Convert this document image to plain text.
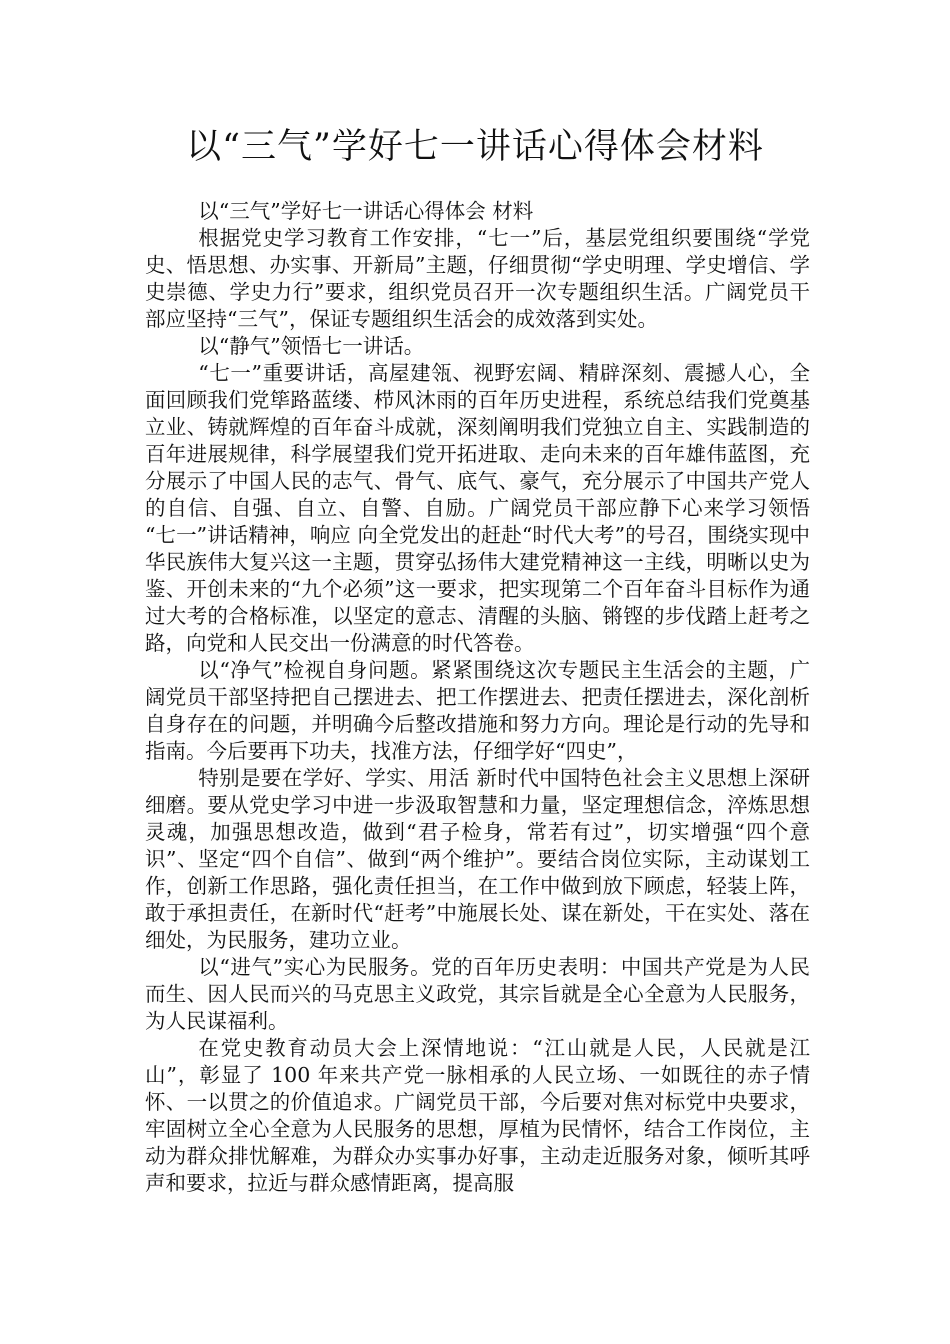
以“三气”学好七一讲话心得体会材料

以“三气”学好七一讲话心得体会 材料

根据党史学习教育工作安排，“七一”后，基层党组织要围绕“学党史、悟思想、办实事、开新局”主题，仔细贯彻“学史明理、学史增信、学史崇德、学史力行”要求，组织党员召开一次专题组织生活。广阔党员干部应坚持“三气”，保证专题组织生活会的成效落到实处。

以“静气”领悟七一讲话。

“七一”重要讲话，高屋建瓴、视野宏阔、精辟深刻、震撼人心，全面回顾我们党筚路蓝缕、栉风沐雨的百年历史进程，系统总结我们党奠基立业、铸就辉煌的百年奋斗成就，深刻阐明我们党独立自主、实践制造的百年进展规律，科学展望我们党开拓进取、走向未来的百年雄伟蓝图，充分展示了中国人民的志气、骨气、底气、豪气，充分展示了中国共产党人的自信、自强、自立、自警、自励。广阔党员干部应静下心来学习领悟 “七一”讲话精神，响应 向全党发出的赶赴“时代大考”的号召，围绕实现中华民族伟大复兴这一主题，贯穿弘扬伟大建党精神这一主线，明晰以史为鉴、开创未来的“九个必须”这一要求，把实现第二个百年奋斗目标作为通过大考的合格标准，以坚定的意志、清醒的头脑、锵铿的步伐踏上赶考之路，向党和人民交出一份满意的时代答卷。

以“净气”检视自身问题。紧紧围绕这次专题民主生活会的主题，广阔党员干部坚持把自己摆进去、把工作摆进去、把责任摆进去，深化剖析自身存在的问题，并明确今后整改措施和努力方向。理论是行动的先导和指南。今后要再下功夫，找准方法，仔细学好“四史”，

特别是要在学好、学实、用活 新时代中国特色社会主义思想上深研细磨。要从党史学习中进一步汲取智慧和力量，坚定理想信念，淬炼思想灵魂，加强思想改造，做到“君子检身，常若有过”，切实增强“四个意识”、坚定“四个自信”、做到“两个维护”。要结合岗位实际，主动谋划工作，创新工作思路，强化责任担当，在工作中做到放下顾虑，轻装上阵，敢于承担责任，在新时代“赶考”中施展长处、谋在新处，干在实处、落在细处，为民服务，建功立业。

以“进气”实心为民服务。党的百年历史表明：中国共产党是为人民而生、因人民而兴的马克思主义政党，其宗旨就是全心全意为人民服务，为人民谋福利。

在党史教育动员大会上深情地说：“江山就是人民，人民就是江山”，彰显了 100 年来共产党一脉相承的人民立场、一如既往的赤子情怀、一以贯之的价值追求。广阔党员干部，今后要对焦对标党中央要求，牢固树立全心全意为人民服务的思想，厚植为民情怀，结合工作岗位，主动为群众排忧解难，为群众办实事办好事，主动走近服务对象，倾听其呼声和要求，拉近与群众感情距离，提高服
